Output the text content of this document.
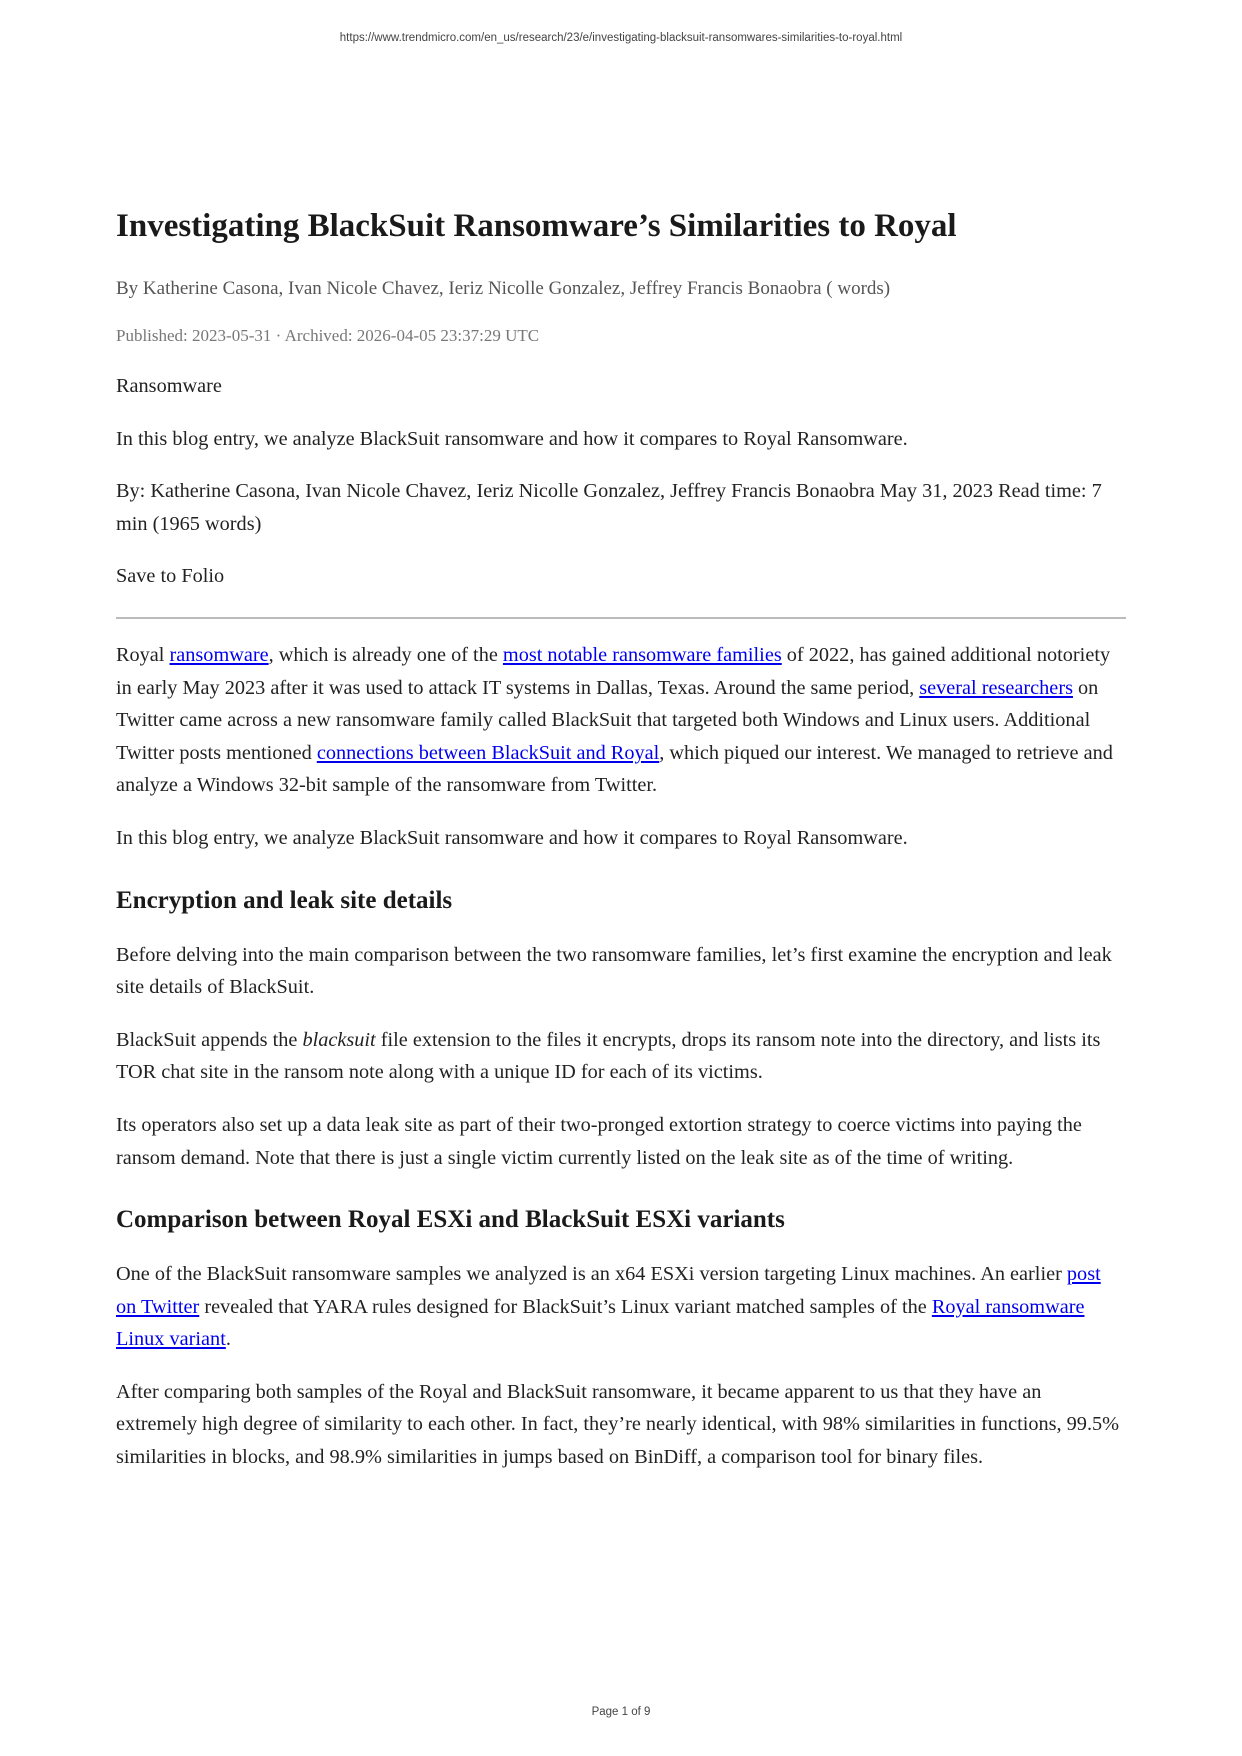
https://www.trendmicro.com/en_us/research/23/e/investigating-blacksuit-ransomwares-similarities-to-royal.html
Investigating BlackSuit Ransomware’s Similarities to Royal
By Katherine Casona, Ivan Nicole Chavez, Ieriz Nicolle Gonzalez, Jeffrey Francis Bonaobra ( words)
Published: 2023-05-31 · Archived: 2026-04-05 23:37:29 UTC

Ransomware

In this blog entry, we analyze BlackSuit ransomware and how it compares to Royal Ransomware.

By: Katherine Casona, Ivan Nicole Chavez, Ieriz Nicolle Gonzalez, Jeffrey Francis Bonaobra May 31, 2023 Read time: 7 min (1965 words)

Save to Folio

Royal ransomware, which is already one of the most notable ransomware families of 2022, has gained additional notoriety in early May 2023 after it was used to attack IT systems in Dallas, Texas. Around the same period, several researchers on Twitter came across a new ransomware family called BlackSuit that targeted both Windows and Linux users. Additional Twitter posts mentioned connections between BlackSuit and Royal, which piqued our interest. We managed to retrieve and analyze a Windows 32-bit sample of the ransomware from Twitter.

In this blog entry, we analyze BlackSuit ransomware and how it compares to Royal Ransomware.

Encryption and leak site details

Before delving into the main comparison between the two ransomware families, let’s first examine the encryption and leak site details of BlackSuit.

BlackSuit appends the blacksuit file extension to the files it encrypts, drops its ransom note into the directory, and lists its TOR chat site in the ransom note along with a unique ID for each of its victims.

Its operators also set up a data leak site as part of their two-pronged extortion strategy to coerce victims into paying the ransom demand. Note that there is just a single victim currently listed on the leak site as of the time of writing.

Comparison between Royal ESXi and BlackSuit ESXi variants

One of the BlackSuit ransomware samples we analyzed is an x64 ESXi version targeting Linux machines. An earlier post on Twitter revealed that YARA rules designed for BlackSuit’s Linux variant matched samples of the Royal ransomware Linux variant.

After comparing both samples of the Royal and BlackSuit ransomware, it became apparent to us that they have an extremely high degree of similarity to each other. In fact, they’re nearly identical, with 98% similarities in functions, 99.5% similarities in blocks, and 98.9% similarities in jumps based on BinDiff, a comparison tool for binary files.

Page 1 of 9
